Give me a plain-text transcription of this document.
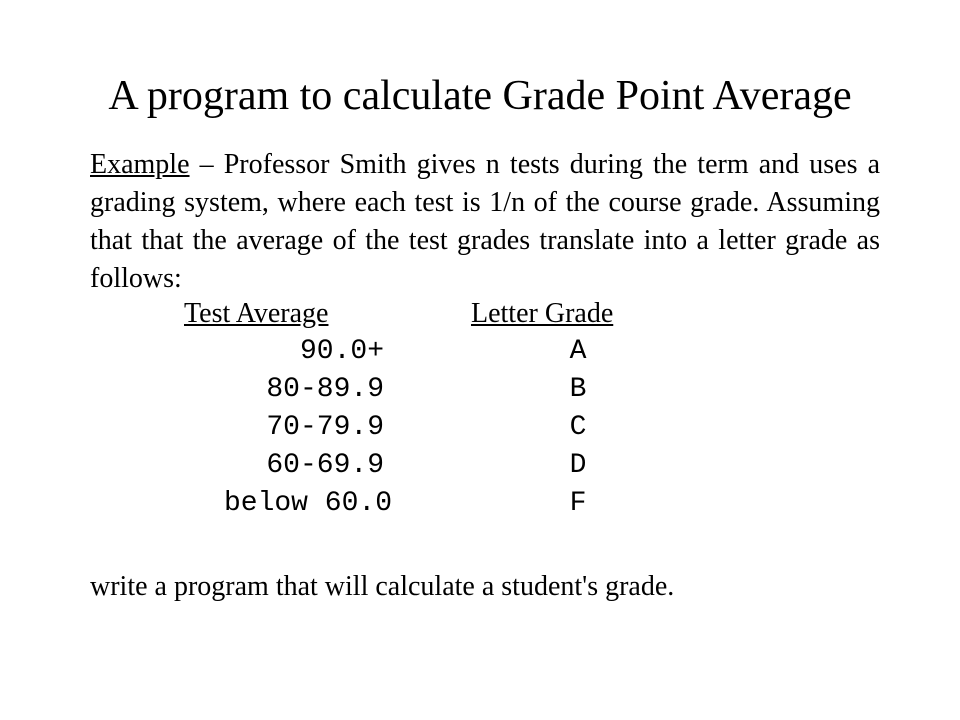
A program to calculate Grade Point Average
Example – Professor Smith gives n tests during the term and uses a grading system, where each test is 1/n of the course grade. Assuming that that the average of the test grades translate into a letter grade as follows:
Test Average	Letter Grade
90.0+	A
80-89.9	B
70-79.9	C
60-69.9	D
below 60.0	F
write a program that will calculate a student's grade.
